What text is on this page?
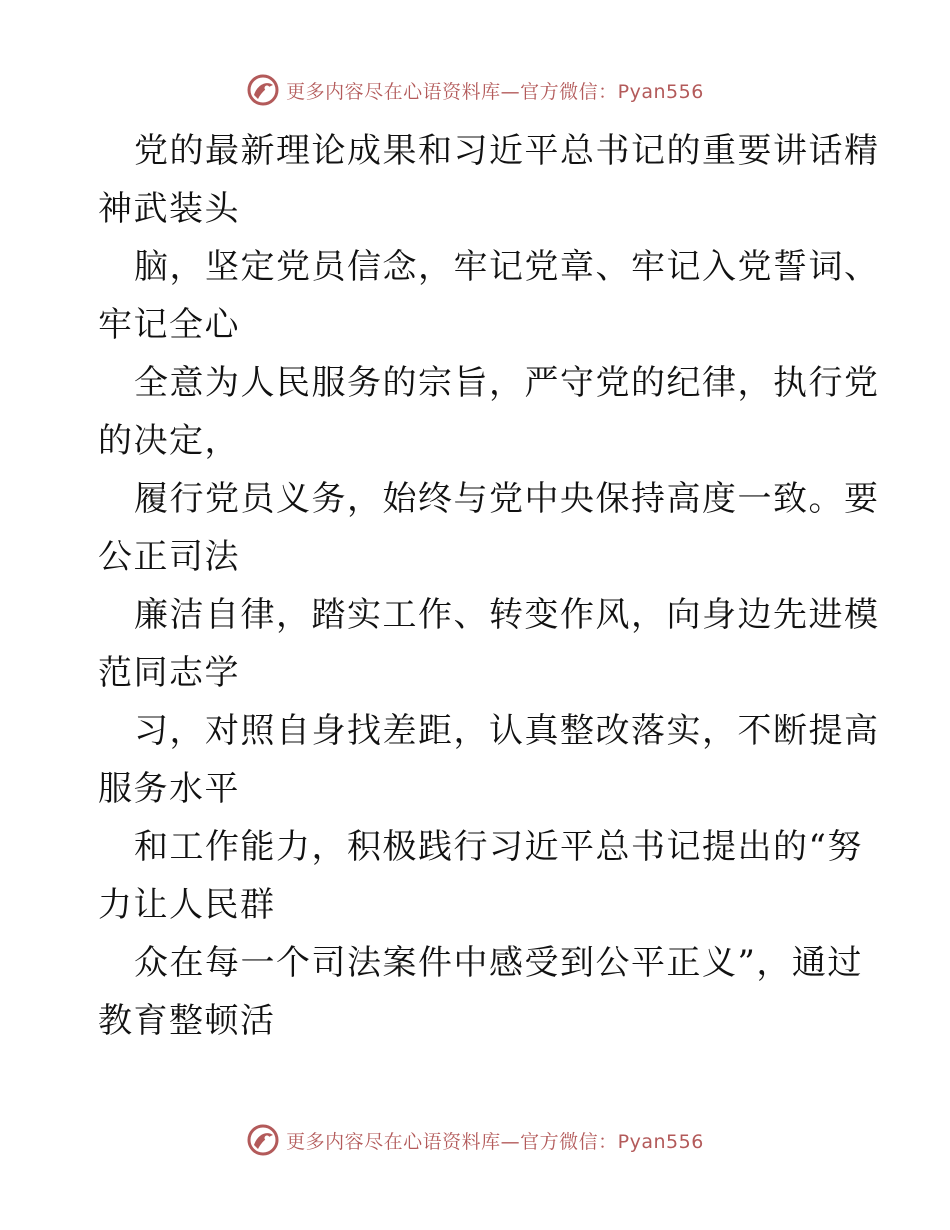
更多内容尽在心语资料库—官方微信：Pyan556
党的最新理论成果和习近平总书记的重要讲话精
神武装头
脑，坚定党员信念，牢记党章、牢记入党誓词、
牢记全心
全意为人民服务的宗旨，严守党的纪律，执行党
的决定，
履行党员义务，始终与党中央保持高度一致。要
公正司法
廉洁自律，踏实工作、转变作风，向身边先进模
范同志学
习，对照自身找差距，认真整改落实，不断提高
服务水平
和工作能力，积极践行习近平总书记提出的“努
力让人民群
众在每一个司法案件中感受到公平正义”，通过
教育整顿活
更多内容尽在心语资料库—官方微信：Pyan556
